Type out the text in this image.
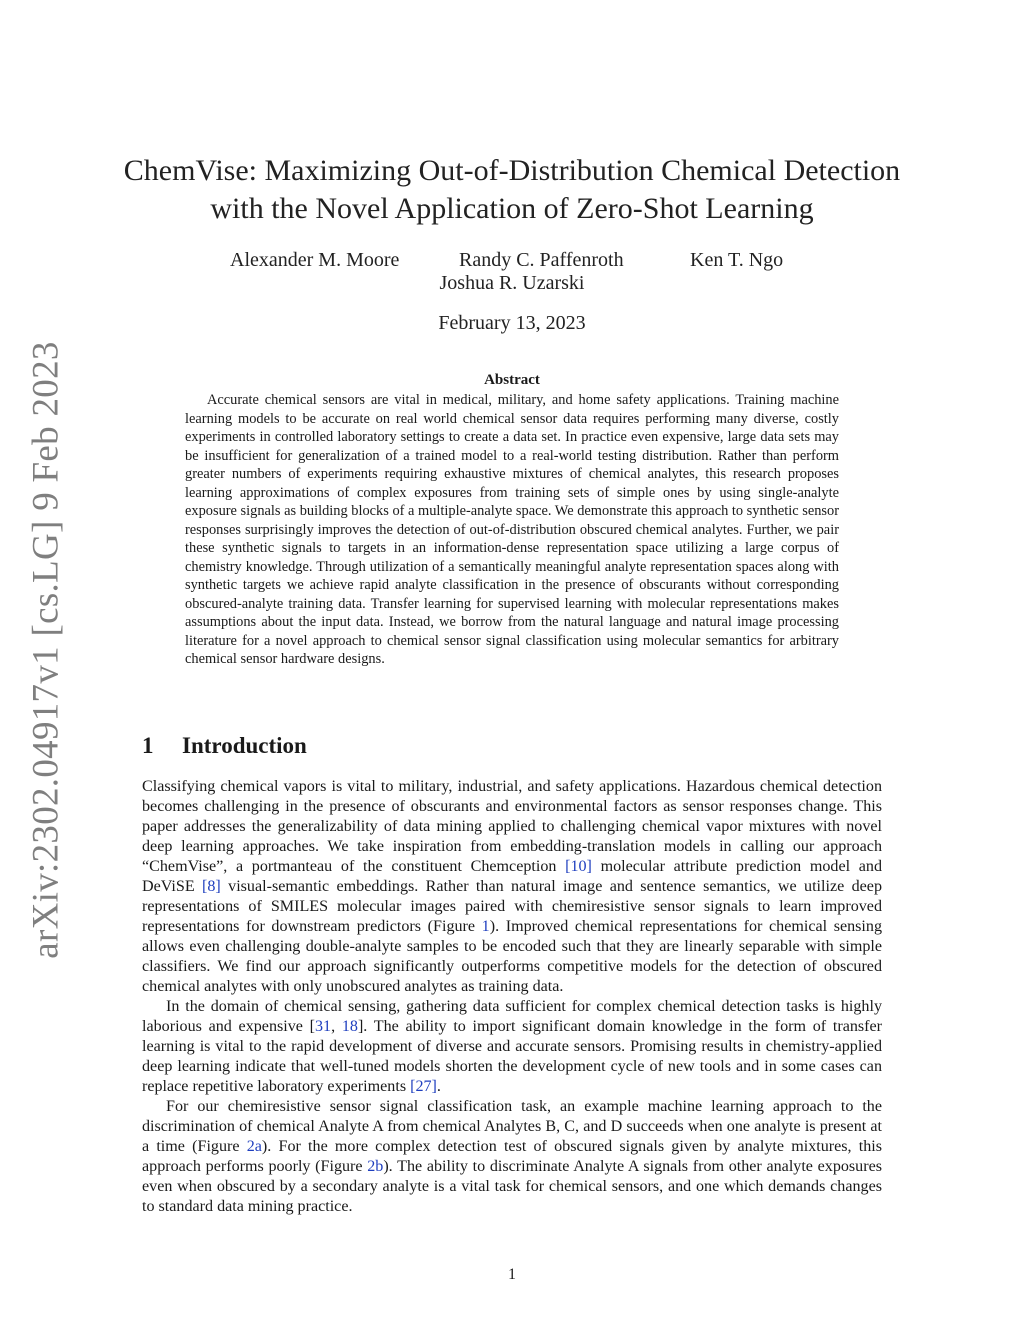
arXiv:2302.04917v1 [cs.LG] 9 Feb 2023
ChemVise: Maximizing Out-of-Distribution Chemical Detection
with the Novel Application of Zero-Shot Learning
Alexander M. Moore	Randy C. Paffenroth	Ken T. Ngo
Joshua R. Uzarski
February 13, 2023
Abstract

Accurate chemical sensors are vital in medical, military, and home safety applications. Training machine learning models to be accurate on real world chemical sensor data requires performing many diverse, costly experiments in controlled laboratory settings to create a data set. In practice even expensive, large data sets may be insufficient for generalization of a trained model to a real-world testing distribution. Rather than perform greater numbers of experiments requiring exhaustive mixtures of chemical analytes, this research proposes learning approximations of complex exposures from training sets of simple ones by using single-analyte exposure signals as building blocks of a multiple-analyte space. We demonstrate this approach to synthetic sensor responses surprisingly improves the detection of out-of-distribution obscured chemical analytes. Further, we pair these synthetic signals to targets in an information-dense representation space utilizing a large corpus of chemistry knowledge. Through utilization of a semantically meaningful analyte representation spaces along with synthetic targets we achieve rapid analyte classification in the presence of obscurants without corresponding obscured-analyte training data. Transfer learning for supervised learning with molecular representations makes assumptions about the input data. Instead, we borrow from the natural language and natural image processing literature for a novel approach to chemical sensor signal classification using molecular semantics for arbitrary chemical sensor hardware designs.

1 Introduction

Classifying chemical vapors is vital to military, industrial, and safety applications. Hazardous chemical detection becomes challenging in the presence of obscurants and environmental factors as sensor responses change. This paper addresses the generalizability of data mining applied to challenging chemical vapor mixtures with novel deep learning approaches. We take inspiration from embedding-translation models in calling our approach “ChemVise”, a portmanteau of the constituent Chemception [10] molecular attribute prediction model and DeViSE [8] visual-semantic embeddings. Rather than natural image and sentence semantics, we utilize deep representations of SMILES molecular images paired with chemiresistive sensor signals to learn improved representations for downstream predictors (Figure 1). Improved chemical representations for chemical sensing allows even challenging double-analyte samples to be encoded such that they are linearly separable with simple classifiers. We find our approach significantly outperforms competitive models for the detection of obscured chemical analytes with only unobscured analytes as training data.

In the domain of chemical sensing, gathering data sufficient for complex chemical detection tasks is highly laborious and expensive [31, 18]. The ability to import significant domain knowledge in the form of transfer learning is vital to the rapid development of diverse and accurate sensors. Promising results in chemistry-applied deep learning indicate that well-tuned models shorten the development cycle of new tools and in some cases can replace repetitive laboratory experiments [27].

For our chemiresistive sensor signal classification task, an example machine learning approach to the discrimination of chemical Analyte A from chemical Analytes B, C, and D succeeds when one analyte is present at a time (Figure 2a). For the more complex detection test of obscured signals given by analyte mixtures, this approach performs poorly (Figure 2b). The ability to discriminate Analyte A signals from other analyte exposures even when obscured by a secondary analyte is a vital task for chemical sensors, and one which demands changes to standard data mining practice.

1
